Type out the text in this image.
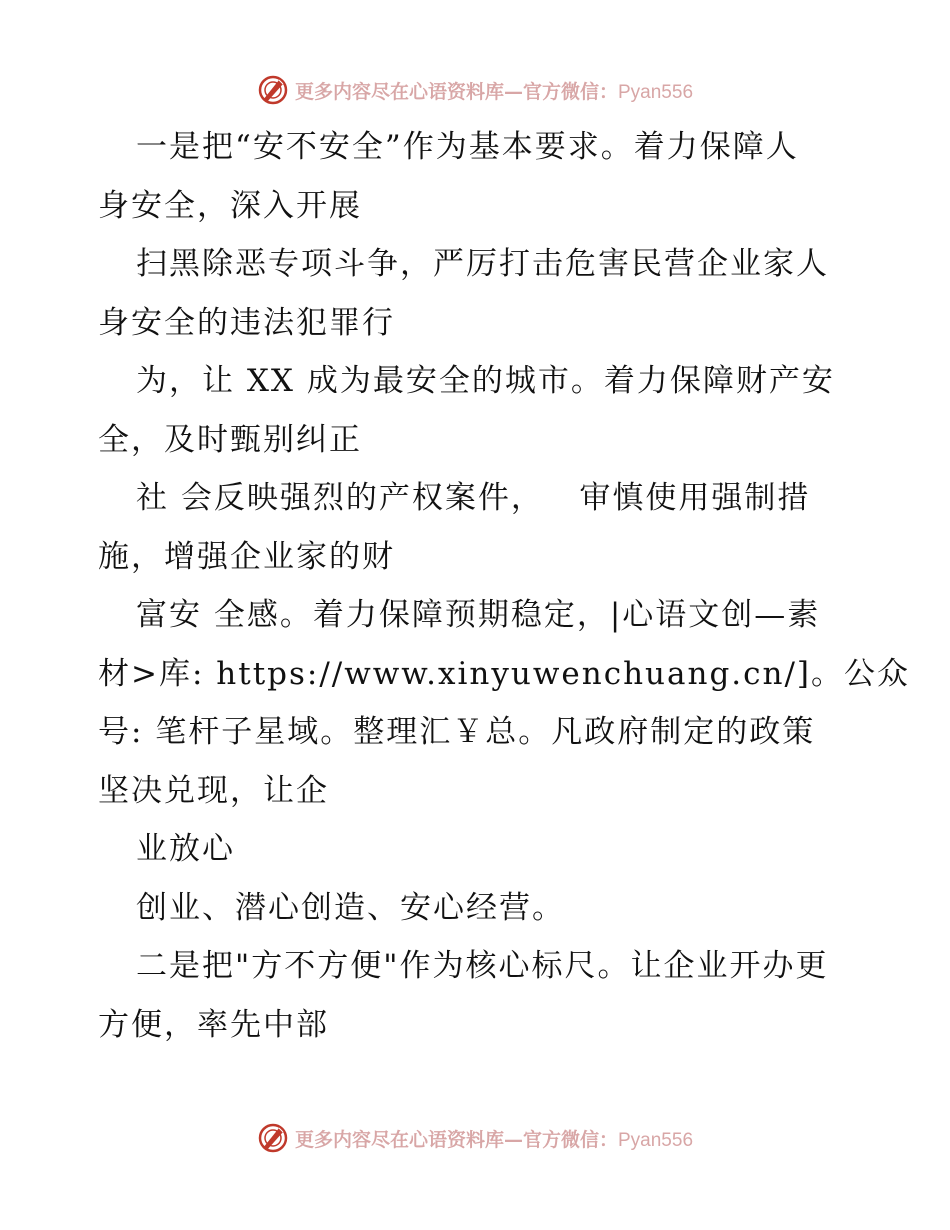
更多内容尽在心语资料库—官方微信：Pyan556
一是把“安不安全”作为基本要求。着力保障人
身安全，深入开展
扫黑除恶专项斗争，严厉打击危害民营企业家人
身安全的违法犯罪行
为，让 XX 成为最安全的城市。着力保障财产安
全，及时甄别纠正
社 会反映强烈的产权案件，   审慎使用强制措
施，增强企业家的财
富安 全感。着力保障预期稳定，|心语文创—素
材>库: https://www.xinyuwenchuang.cn/]。公众
号: 笔杆子星域。整理汇￥总。凡政府制定的政策
坚决兑现，让企
业放心
创业、潜心创造、安心经营。
二是把"方不方便"作为核心标尺。让企业开办更
方便，率先中部
更多内容尽在心语资料库—官方微信：Pyan556
